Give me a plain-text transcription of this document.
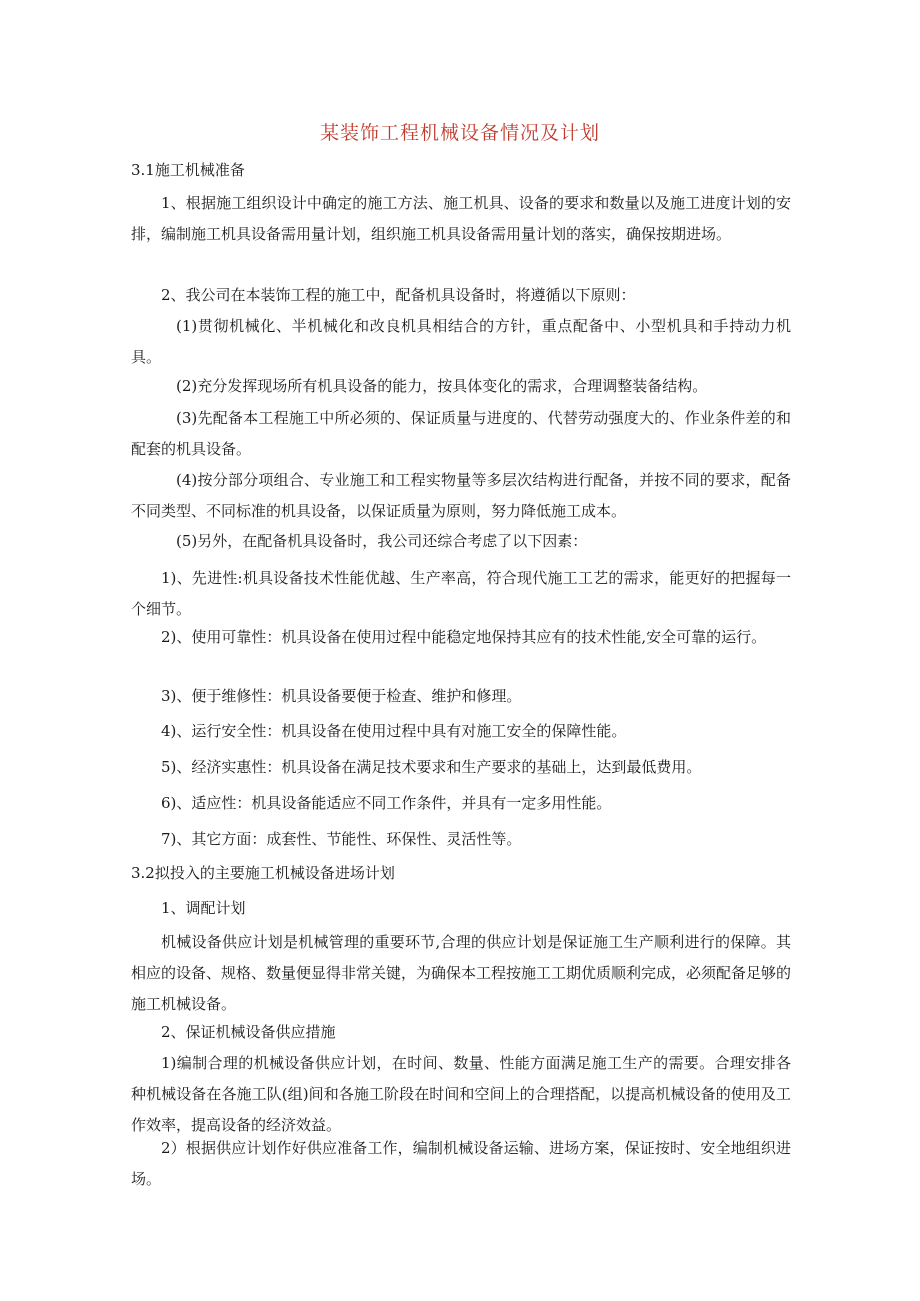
某装饰工程机械设备情况及计划
3.1施工机械准备

1、根据施工组织设计中确定的施工方法、施工机具、设备的要求和数量以及施工进度计划的安排，编制施工机具设备需用量计划，组织施工机具设备需用量计划的落实，确保按期进场。

2、我公司在本装饰工程的施工中，配备机具设备时，将遵循以下原则：

(1)贯彻机械化、半机械化和改良机具相结合的方针，重点配备中、小型机具和手持动力机具。

(2)充分发挥现场所有机具设备的能力，按具体变化的需求，合理调整装备结构。

(3)先配备本工程施工中所必须的、保证质量与进度的、代替劳动强度大的、作业条件差的和配套的机具设备。

(4)按分部分项组合、专业施工和工程实物量等多层次结构进行配备，并按不同的要求，配备不同类型、不同标准的机具设备，以保证质量为原则，努力降低施工成本。

(5)另外，在配备机具设备时，我公司还综合考虑了以下因素：

1)、先进性:机具设备技术性能优越、生产率高，符合现代施工工艺的需求，能更好的把握每一个细节。

2)、使用可靠性：机具设备在使用过程中能稳定地保持其应有的技术性能,安全可靠的运行。

3)、便于维修性：机具设备要便于检查、维护和修理。

4)、运行安全性：机具设备在使用过程中具有对施工安全的保障性能。

5)、经济实惠性：机具设备在满足技术要求和生产要求的基础上，达到最低费用。

6)、适应性：机具设备能适应不同工作条件，并具有一定多用性能。

7)、其它方面：成套性、节能性、环保性、灵活性等。

3.2拟投入的主要施工机械设备进场计划

1、调配计划

机械设备供应计划是机械管理的重要环节,合理的供应计划是保证施工生产顺利进行的保障。其相应的设备、规格、数量便显得非常关键，为确保本工程按施工工期优质顺利完成，必须配备足够的施工机械设备。

2、保证机械设备供应措施

1)编制合理的机械设备供应计划，在时间、数量、性能方面满足施工生产的需要。合理安排各种机械设备在各施工队(组)间和各施工阶段在时间和空间上的合理搭配，以提高机械设备的使用及工作效率，提高设备的经济效益。

2）根据供应计划作好供应准备工作，编制机械设备运输、进场方案，保证按时、安全地组织进场。
